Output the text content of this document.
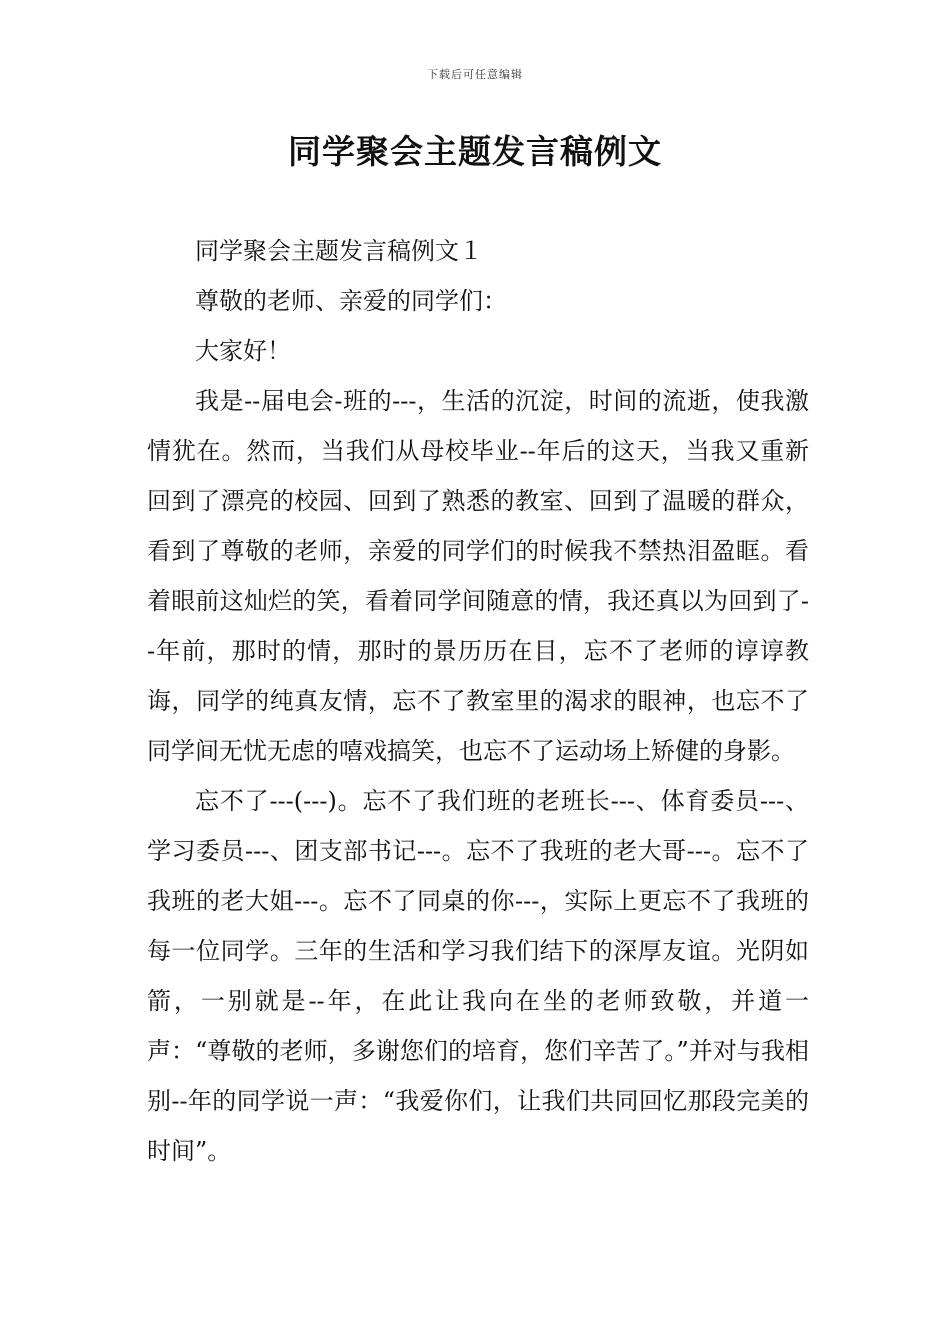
下载后可任意编辑
同学聚会主题发言稿例文

同学聚会主题发言稿例文１

尊敬的老师、亲爱的同学们：

大家好！

我是--届电会-班的---，生活的沉淀，时间的流逝，使我激情犹在。然而，当我们从母校毕业--年后的这天，当我又重新回到了漂亮的校园、回到了熟悉的教室、回到了温暖的群众，看到了尊敬的老师，亲爱的同学们的时候我不禁热泪盈眶。看着眼前这灿烂的笑，看着同学间随意的情，我还真以为回到了--年前，那时的情，那时的景历历在目，忘不了老师的谆谆教诲，同学的纯真友情，忘不了教室里的渴求的眼神，也忘不了同学间无忧无虑的嘻戏搞笑，也忘不了运动场上矫健的身影。

忘不了---(---)。忘不了我们班的老班长---、体育委员---、学习委员---、团支部书记---。忘不了我班的老大哥---。忘不了我班的老大姐---。忘不了同桌的你---，实际上更忘不了我班的每一位同学。三年的生活和学习我们结下的深厚友谊。光阴如箭，一别就是--年，在此让我向在坐的老师致敬，并道一声：“尊敬的老师，多谢您们的培育，您们辛苦了。”并对与我相别--年的同学说一声：“我爱你们，让我们共同回忆那段完美的时间”。
